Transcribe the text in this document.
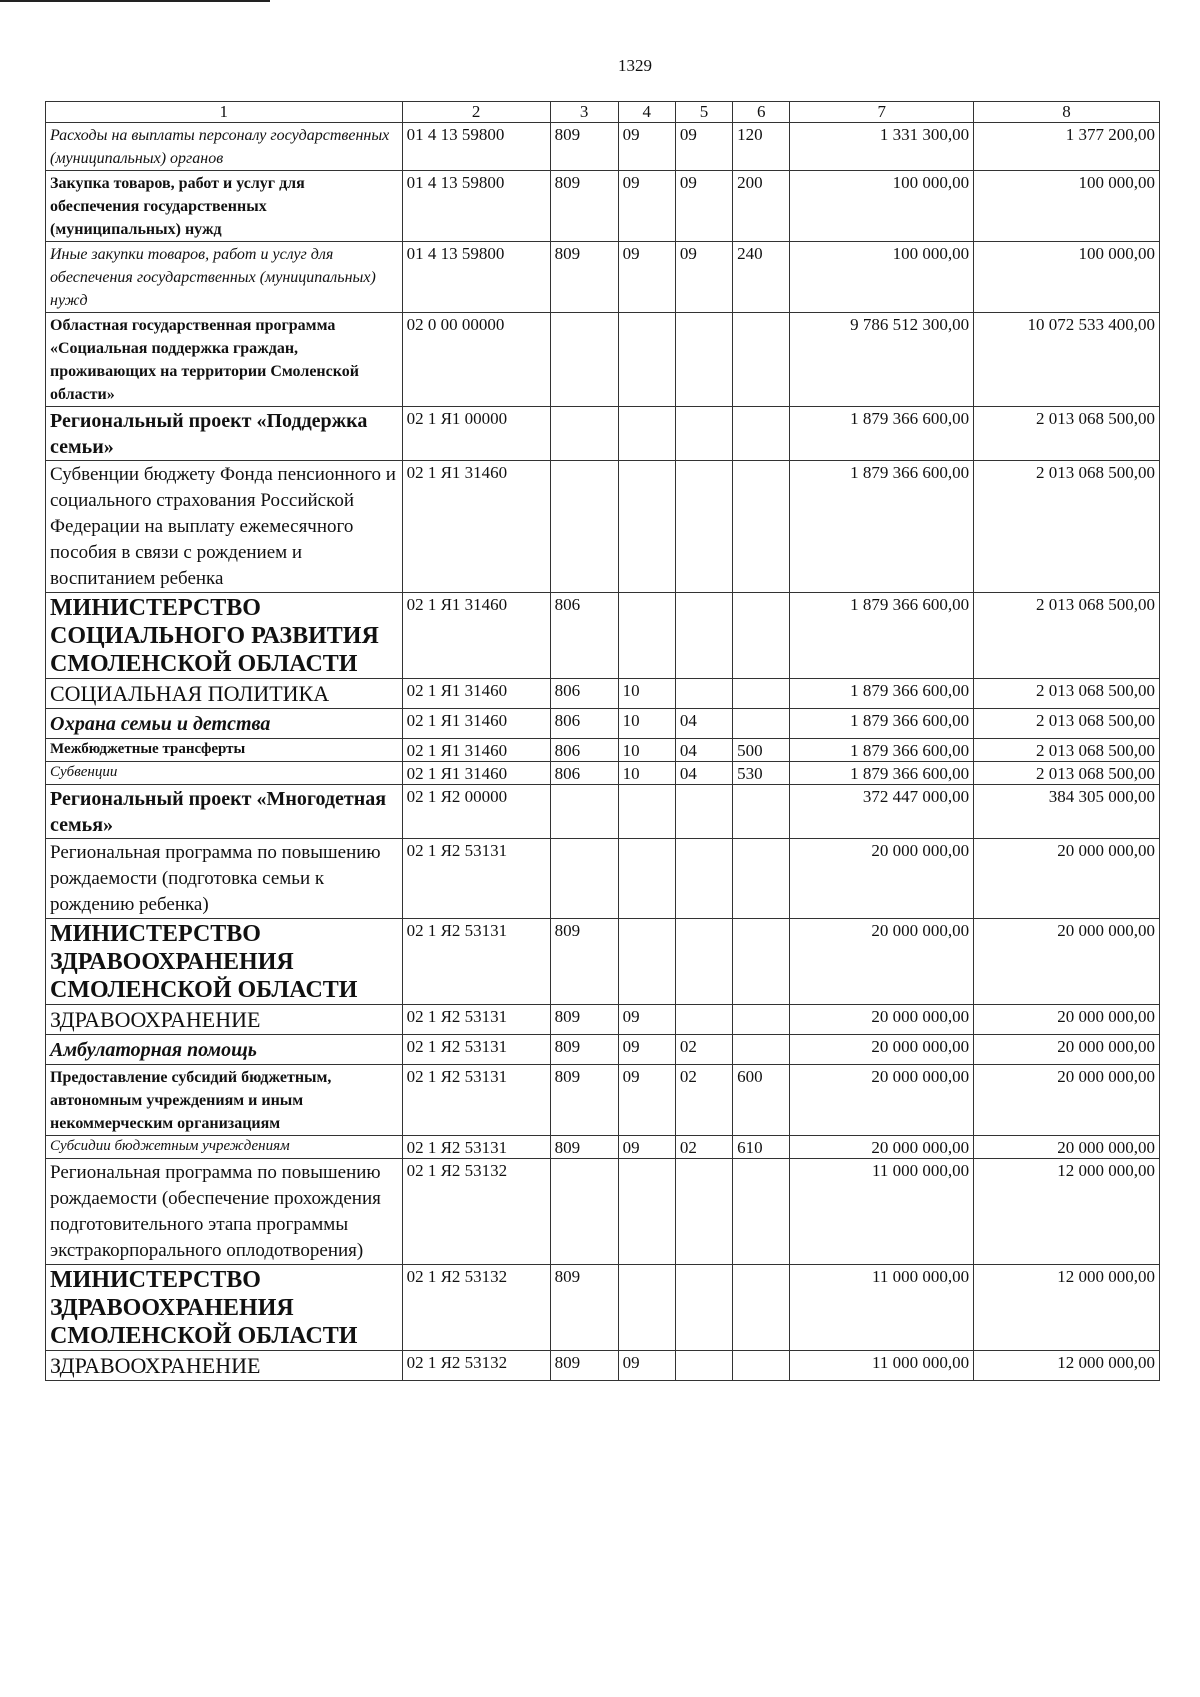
1329
1	2	3	4	5	6	7	8
Расходы на выплаты персоналу государственных (муниципальных) органов	01 4 13 59800	809	09	09	120	1 331 300,00	1 377 200,00
Закупка товаров, работ и услуг для обеспечения государственных (муниципальных) нужд	01 4 13 59800	809	09	09	200	100 000,00	100 000,00
Иные закупки товаров, работ и услуг для обеспечения государственных (муниципальных) нужд	01 4 13 59800	809	09	09	240	100 000,00	100 000,00
Областная государственная программа «Социальная поддержка граждан, проживающих на территории Смоленской области»	02 0 00 00000					9 786 512 300,00	10 072 533 400,00
Региональный проект «Поддержка семьи»	02 1 Я1 00000					1 879 366 600,00	2 013 068 500,00
Субвенции бюджету Фонда пенсионного и социального страхования Российской Федерации на выплату ежемесячного пособия в связи с рождением и воспитанием ребенка	02 1 Я1 31460					1 879 366 600,00	2 013 068 500,00
МИНИСТЕРСТВО СОЦИАЛЬНОГО РАЗВИТИЯ СМОЛЕНСКОЙ ОБЛАСТИ	02 1 Я1 31460	806				1 879 366 600,00	2 013 068 500,00
СОЦИАЛЬНАЯ ПОЛИТИКА	02 1 Я1 31460	806	10			1 879 366 600,00	2 013 068 500,00
Охрана семьи и детства	02 1 Я1 31460	806	10	04		1 879 366 600,00	2 013 068 500,00
Межбюджетные трансферты	02 1 Я1 31460	806	10	04	500	1 879 366 600,00	2 013 068 500,00
Субвенции	02 1 Я1 31460	806	10	04	530	1 879 366 600,00	2 013 068 500,00
Региональный проект «Многодетная семья»	02 1 Я2 00000					372 447 000,00	384 305 000,00
Региональная программа по повышению рождаемости (подготовка семьи к рождению ребенка)	02 1 Я2 53131					20 000 000,00	20 000 000,00
МИНИСТЕРСТВО ЗДРАВООХРАНЕНИЯ СМОЛЕНСКОЙ ОБЛАСТИ	02 1 Я2 53131	809				20 000 000,00	20 000 000,00
ЗДРАВООХРАНЕНИЕ	02 1 Я2 53131	809	09			20 000 000,00	20 000 000,00
Амбулаторная помощь	02 1 Я2 53131	809	09	02		20 000 000,00	20 000 000,00
Предоставление субсидий бюджетным, автономным учреждениям и иным некоммерческим организациям	02 1 Я2 53131	809	09	02	600	20 000 000,00	20 000 000,00
Субсидии бюджетным учреждениям	02 1 Я2 53131	809	09	02	610	20 000 000,00	20 000 000,00
Региональная программа по повышению рождаемости (обеспечение прохождения подготовительного этапа программы экстракорпорального оплодотворения)	02 1 Я2 53132					11 000 000,00	12 000 000,00
МИНИСТЕРСТВО ЗДРАВООХРАНЕНИЯ СМОЛЕНСКОЙ ОБЛАСТИ	02 1 Я2 53132	809				11 000 000,00	12 000 000,00
ЗДРАВООХРАНЕНИЕ	02 1 Я2 53132	809	09			11 000 000,00	12 000 000,00
